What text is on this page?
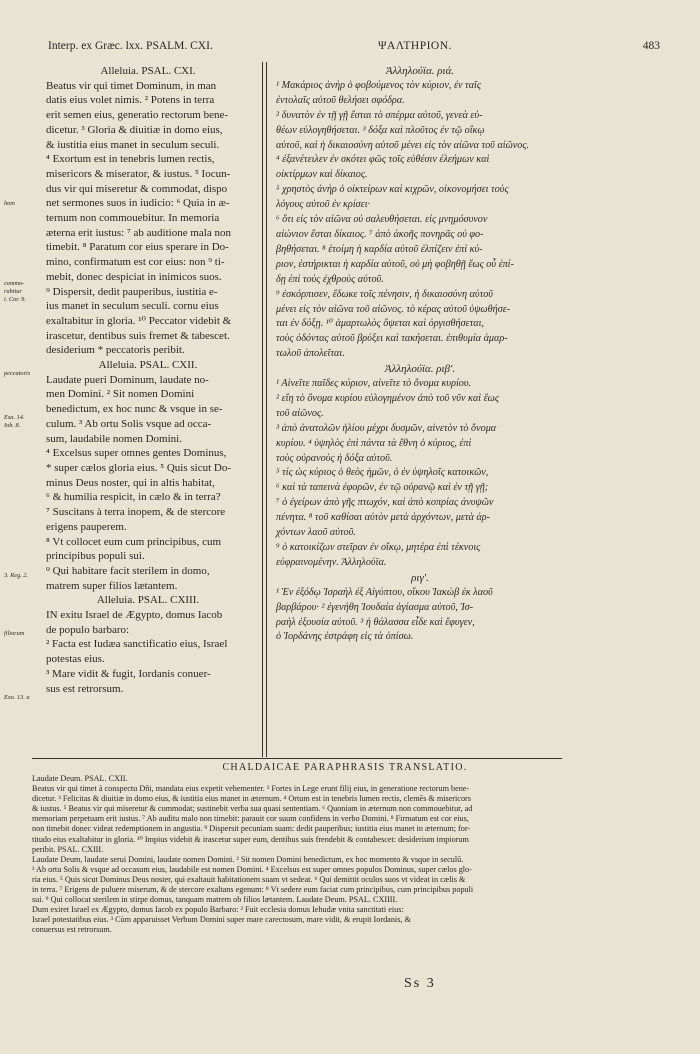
Interp. ex Græc. lxx. PSALM. CXI.	ΨΑΛΤΗΡΙΟΝ.	483

Alleluia. PSAL. CXI.

Beatus vir qui timet Dominum, in man

datis eius volet nimis. ² Potens in terra

erit semen eius, generatio rectorum bene-

dicetur. ³ Gloria & diuitiæ in domo eius,

& iustitia eius manet in seculum seculi.

⁴ Exortum est in tenebris lumen rectis,

misericors & miserator, & iustus. ⁵ Iocun-

dus vir qui miseretur & commodat, dispo

net sermones suos in iudicio: ⁶ Quia in æ-

ternum non commouebitur. In memoria

æterna erit iustus: ⁷ ab auditione mala non

timebit. ⁸ Paratum cor eius sperare in Do-

mino, confirmatum est cor eius: non ⁹ ti-

mebit, donec despiciat in inimicos suos.

⁹ Dispersit, dedit pauperibus, iustitia e-

ius manet in seculum seculi. cornu eius

exaltabitur in gloria. ¹⁰ Peccator videbit &

irascetur, dentibus suis fremet & tabescet.

desiderium * peccatoris peribit.

Alleluia. PSAL. CXII.

Laudate pueri Dominum, laudate no-

men Domini. ² Sit nomen Domini

benedictum, ex hoc nunc & vsque in se-

culum. ³ Ab ortu Solis vsque ad occa-

sum, laudabile nomen Domini.

⁴ Excelsus super omnes gentes Dominus,

* super cælos gloria eius. ⁵ Quis sicut Do-

minus Deus noster, qui in altis habitat,

⁶ & humilia respicit, in cælo & in terra?

⁷ Suscitans à terra inopem, & de stercore

erigens pauperem.

⁸ Vt collocet eum cum principibus, cum

principibus populi sui.

⁹ Qui habitare facit sterilem in domo,

matrem super filios lætantem.

Alleluia. PSAL. CXIII.

IN exitu Israel de Ægypto, domus Iacob

de populo barbaro:

² Facta est Iudæa sanctificatio eius, Israel

potestas eius.

³ Mare vidit & fugit, Iordanis conuer-

sus est retrorsum.

Ἀλληλούϊα. ριά.

¹ Μακάριος ἀνὴρ ὁ φοβούμενος τὸν κύριον, ἐν ταῖς

ἐντολαῖς αὐτοῦ θελήσει σφόδρα.

² δυνατὸν ἐν τῇ γῇ ἔσται τὸ σπέρμα αὐτοῦ, γενεὰ εὐ-

θέων εὐλογηθήσεται. ³ δόξα καὶ πλοῦτος ἐν τῷ οἴκῳ

αὐτοῦ, καὶ ἡ δικαιοσύνη αὐτοῦ μένει εἰς τὸν αἰῶνα τοῦ αἰῶνος.

⁴ ἐξανέτειλεν ἐν σκότει φῶς τοῖς εὐθέσιν ἐλεήμων καὶ

οἰκτίρμων καὶ δίκαιος.

⁵ χρηστὸς ἀνὴρ ὁ οἰκτείρων καὶ κιχρῶν, οἰκονομήσει τοὺς

λόγους αὐτοῦ ἐν κρίσει·

⁶ ὅτι εἰς τὸν αἰῶνα οὐ σαλευθήσεται. εἰς μνημόσυνον

αἰώνιον ἔσται δίκαιος. ⁷ ἀπὸ ἀκοῆς πονηρᾶς οὐ φο-

βηθήσεται. ⁸ ἑτοίμη ἡ καρδία αὐτοῦ ἐλπίζειν ἐπὶ κύ-

ριον, ἐστήρικται ἡ καρδία αὐτοῦ, οὐ μὴ φοβηθῇ ἕως οὗ ἐπί-

δῃ ἐπὶ τοὺς ἐχθροὺς αὐτοῦ.

⁹ ἐσκόρπισεν, ἔδωκε τοῖς πένησιν, ἡ δικαιοσύνη αὐτοῦ

μένει εἰς τὸν αἰῶνα τοῦ αἰῶνος. τὸ κέρας αὐτοῦ ὑψωθήσε-

ται ἐν δόξῃ. ¹⁰ ἁμαρτωλὸς ὄψεται καὶ ὀργισθήσεται,

τοὺς ὀδόντας αὐτοῦ βρύξει καὶ τακήσεται. ἐπιθυμία ἁμαρ-

τωλοῦ ἀπολεῖται.

Ἀλληλούϊα. ριβ'.

¹ Αἰνεῖτε παῖδες κύριον, αἰνεῖτε τὸ ὄνομα κυρίου.

² εἴη τὸ ὄνομα κυρίου εὐλογημένον ἀπὸ τοῦ νῦν καὶ ἕως

τοῦ αἰῶνος.

³ ἀπὸ ἀνατολῶν ἡλίου μέχρι δυσμῶν, αἰνετὸν τὸ ὄνομα

κυρίου. ⁴ ὑψηλὸς ἐπὶ πάντα τὰ ἔθνη ὁ κύριος, ἐπὶ

τοὺς οὐρανοὺς ἡ δόξα αὐτοῦ.

⁵ τίς ὡς κύριος ὁ θεὸς ἡμῶν, ὁ ἐν ὑψηλοῖς κατοικῶν,

⁶ καὶ τὰ ταπεινὰ ἐφορῶν, ἐν τῷ οὐρανῷ καὶ ἐν τῇ γῇ;

⁷ ὁ ἐγείρων ἀπὸ γῆς πτωχόν, καὶ ἀπὸ κοπρίας ἀνυψῶν

πένητα. ⁸ τοῦ καθίσαι αὐτὸν μετὰ ἀρχόντων, μετὰ ἀρ-

χόντων λαοῦ αὐτοῦ.

⁹ ὁ κατοικίζων στεῖραν ἐν οἴκῳ, μητέρα ἐπὶ τέκνοις

εὐφραινομένην. Ἀλληλούϊα.

ριγ'.

¹ Ἐν ἐξόδῳ Ἰσραὴλ ἐξ Αἰγύπτου, οἴκου Ἰακὼβ ἐκ λαοῦ

βαρβάρου· ² ἐγενήθη Ἰουδαία ἁγίασμα αὐτοῦ, Ἰσ-

ραὴλ ἐξουσία αὐτοῦ. ³ ἡ θάλασσα εἶδε καὶ ἔφυγεν,

ὁ Ἰορδάνης ἐστράφη εἰς τὰ ὀπίσω.

hom
commo-
rabitur
i. Cor. 9.
peccatoris
Esa. 14.
Iob. 8.
3. Reg. 2.
filiorum
Exo. 13. a
CHALDAICAE PARAPHRASIS TRANSLATIO.

Laudate Deum. PSAL. CXII.

Beatus vir qui timet à conspectu Dñi, mandata eius expetit vehementer. ² Fortes in Lege erunt filij eius, in generatione rectorum bene-

dicetur. ³ Felicitas & diuitiæ in domo eius, & iustitia eius manet in æternum. ⁴ Ortum est in tenebris lumen rectis, clemēs & misericors

& iustus. ⁵ Beatus vir qui miseretur & commodat; sustinebit verba sua quasi sententiam. ⁶ Quoniam in æternum non commouebitur, ad

memoriam perpetuam erit iustus. ⁷ Ab auditu malo non timebit: parauit cor suum confidens in verbo Domini. ⁸ Firmatum est cor eius,

non timebit donec videat redemptionem in angustia. ⁹ Dispersit pecuniam suam: dedit pauperibus; iustitia eius manet in æternum; for-

titudo eius exaltabitur in gloria. ¹⁰ Impius videbit & irascetur super eum, dentibus suis frendebit & contabescet: desiderium impiorum

peribit. PSAL. CXIII.

Laudate Deum, laudate serui Domini, laudate nomen Domini. ² Sit nomen Domini benedictum, ex hoc momento & vsque in seculū.

³ Ab ortu Solis & vsque ad occasum eius, laudabile est nomen Domini. ⁴ Excelsus est super omnes populos Dominus, super cælos glo-

ria eius. ⁵ Quis sicut Dominus Deus noster, qui exaltauit habitationem suam vt sedeat. ⁶ Qui demittit oculos suos vt videat in cælis &

in terra. ⁷ Erigens de puluere miserum, & de stercore exaltans egenum: ⁸ Vt sedere eum faciat cum principibus, cum principibus populi

sui. ⁹ Qui collocat sterilem in stirpe domus, tanquam matrem ob filios lætantem. Laudate Deum. PSAL. CXIIII.

Dum exiret Israel ex Ægypto, domus Iacob ex populo Barbaro: ² Fuit ecclesia domus Iehudæ vnita sanctitati eius:

Israel potestatibus eius. ³ Cùm apparuisset Verbum Domini super mare carectosum, mare vidit, & erupit Iordanis, &

conuersus est retrorsum.

Ss 3
